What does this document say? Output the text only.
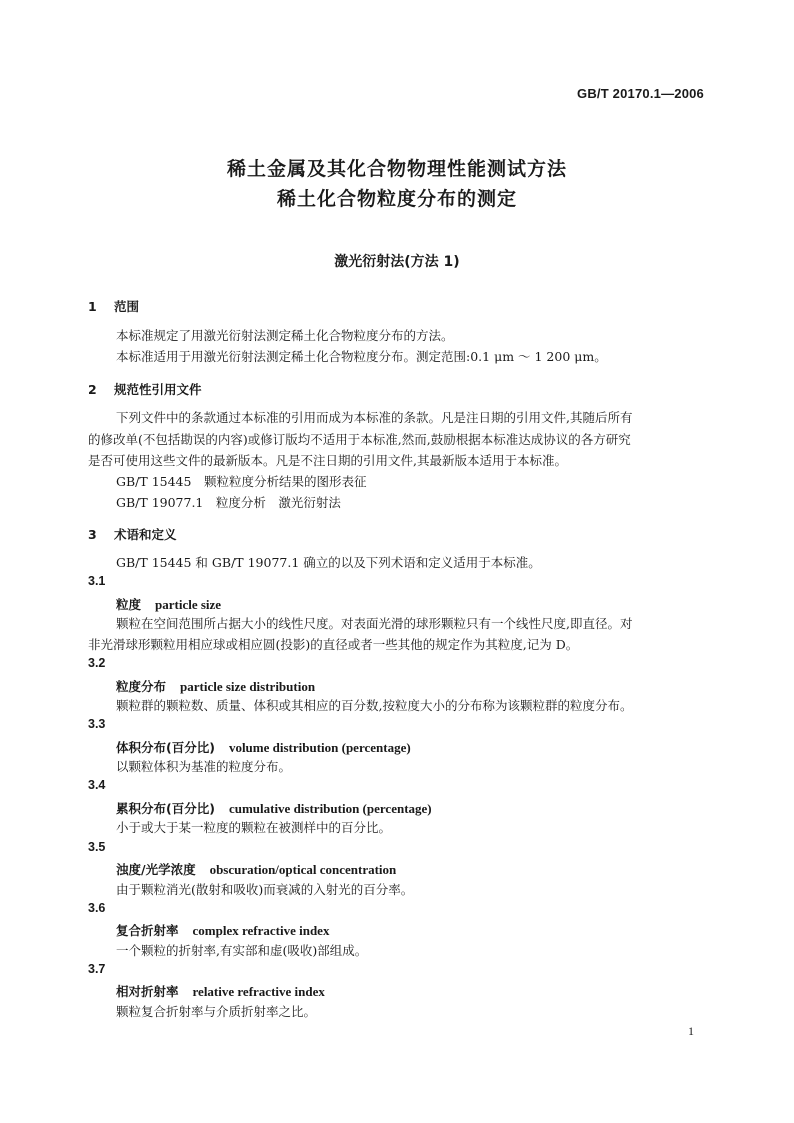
GB/T 20170.1—2006
稀土金属及其化合物物理性能测试方法
稀土化合物粒度分布的测定
激光衍射法(方法 1)
1 范围
本标准规定了用激光衍射法测定稀土化合物粒度分布的方法。
本标准适用于用激光衍射法测定稀土化合物粒度分布。测定范围:0.1 μm ～ 1 200 μm。
2 规范性引用文件
下列文件中的条款通过本标准的引用而成为本标准的条款。凡是注日期的引用文件,其随后所有
的修改单(不包括勘误的内容)或修订版均不适用于本标准,然而,鼓励根据本标准达成协议的各方研究
是否可使用这些文件的最新版本。凡是不注日期的引用文件,其最新版本适用于本标准。
GB/T 15445　颗粒粒度分析结果的图形表征
GB/T 19077.1　粒度分析　激光衍射法
3 术语和定义
GB/T 15445 和 GB/T 19077.1 确立的以及下列术语和定义适用于本标准。
3.1
粒度 particle size
颗粒在空间范围所占据大小的线性尺度。对表面光滑的球形颗粒只有一个线性尺度,即直径。对
非光滑球形颗粒用相应球或相应圆(投影)的直径或者一些其他的规定作为其粒度,记为 D。
3.2
粒度分布 particle size distribution
颗粒群的颗粒数、质量、体积或其相应的百分数,按粒度大小的分布称为该颗粒群的粒度分布。
3.3
体积分布(百分比) volume distribution (percentage)
以颗粒体积为基准的粒度分布。
3.4
累积分布(百分比) cumulative distribution (percentage)
小于或大于某一粒度的颗粒在被测样中的百分比。
3.5
浊度/光学浓度 obscuration/optical concentration
由于颗粒消光(散射和吸收)而衰减的入射光的百分率。
3.6
复合折射率 complex refractive index
一个颗粒的折射率,有实部和虚(吸收)部组成。
3.7
相对折射率 relative refractive index
颗粒复合折射率与介质折射率之比。
1
